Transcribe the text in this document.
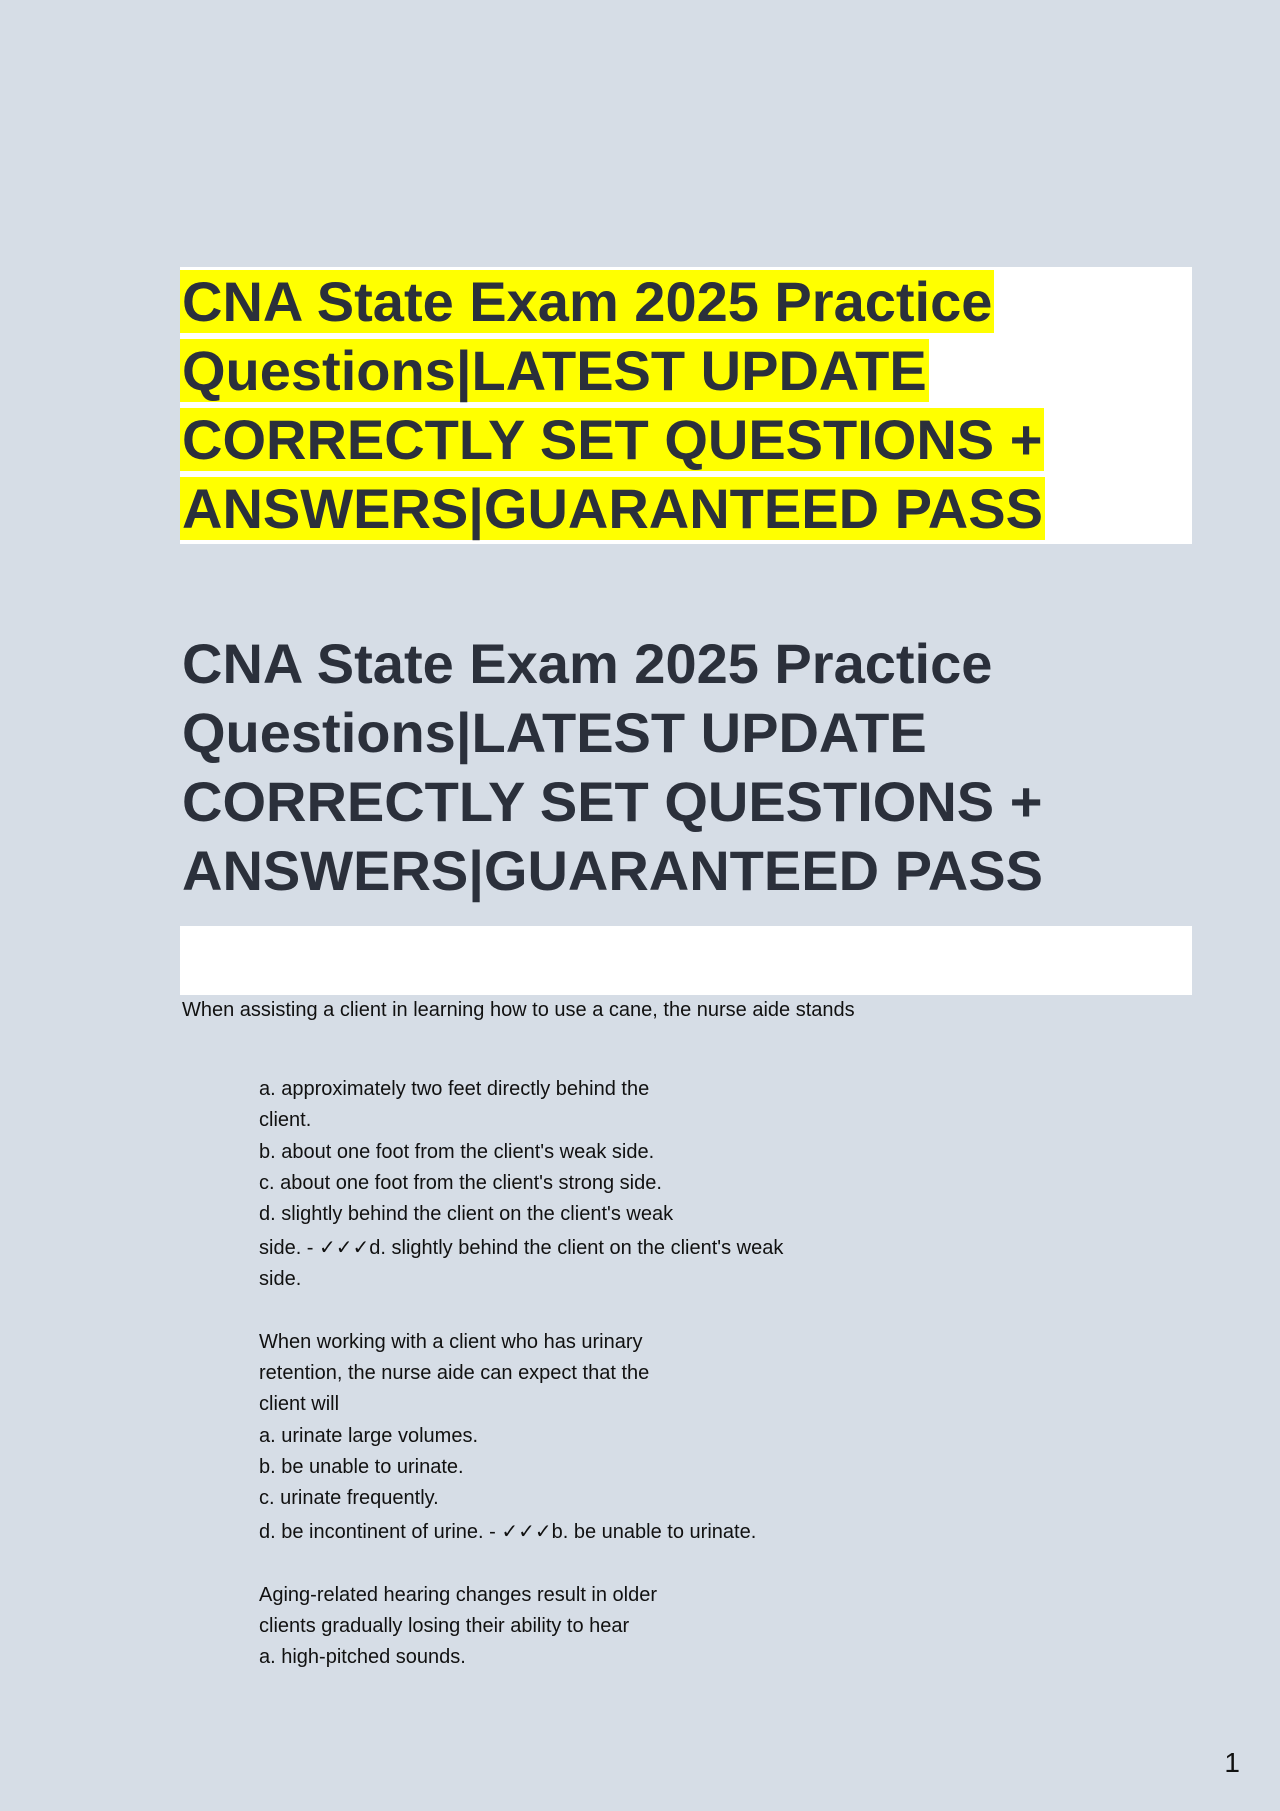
CNA State Exam 2025 Practice
Questions|LATEST UPDATE
CORRECTLY SET QUESTIONS +
ANSWERS|GUARANTEED PASS
CNA State Exam 2025 Practice
Questions|LATEST UPDATE
CORRECTLY SET QUESTIONS +
ANSWERS|GUARANTEED PASS
When assisting a client in learning how to use a cane, the nurse aide stands
a. approximately two feet directly behind the
client.
b. about one foot from the client's weak side.
c. about one foot from the client's strong side.
d. slightly behind the client on the client's weak
side. - ✓✓✓d. slightly behind the client on the client's weak
side.
When working with a client who has urinary
retention, the nurse aide can expect that the
client will
a. urinate large volumes.
b. be unable to urinate.
c. urinate frequently.
d. be incontinent of urine. - ✓✓✓b. be unable to urinate.
Aging-related hearing changes result in older
clients gradually losing their ability to hear
a. high-pitched sounds.
1
